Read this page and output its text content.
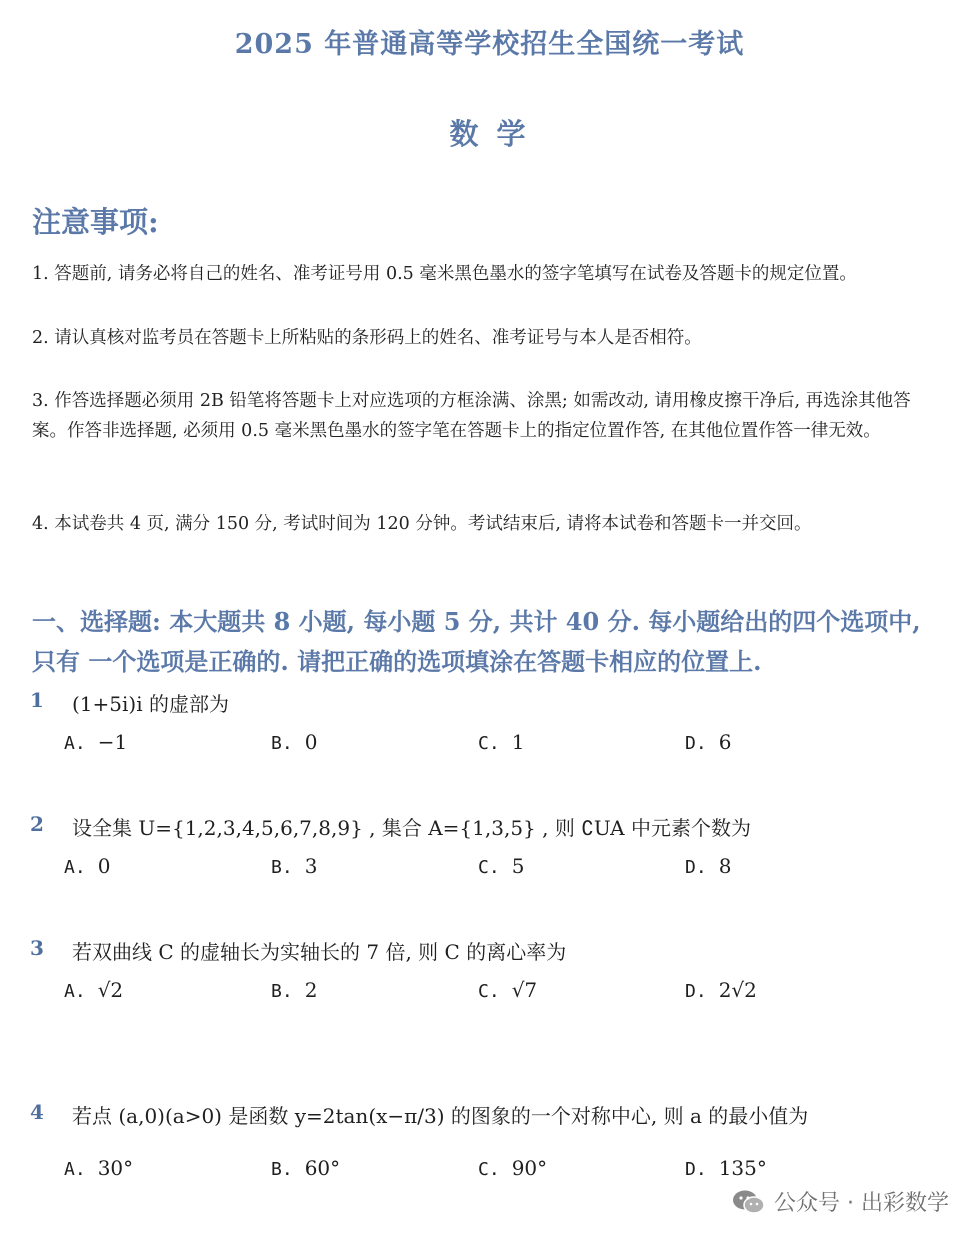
2025 年普通高等学校招生全国统一考试
数 学
注意事项:
1. 答题前, 请务必将自己的姓名、准考证号用 0.5 毫米黑色墨水的签字笔填写在试卷及答题卡的规定位置。
2. 请认真核对监考员在答题卡上所粘贴的条形码上的姓名、准考证号与本人是否相符。
3. 作答选择题必须用 2B 铅笔将答题卡上对应选项的方框涂满、涂黑; 如需改动, 请用橡皮擦干净后, 再选涂其他答案。作答非选择题, 必须用 0.5 毫米黑色墨水的签字笔在答题卡上的指定位置作答, 在其他位置作答一律无效。
4. 本试卷共 4 页, 满分 150 分, 考试时间为 120 分钟。考试结束后, 请将本试卷和答题卡一并交回。
一、选择题: 本大题共 8 小题, 每小题 5 分, 共计 40 分. 每小题给出的四个选项中, 只有 一个选项是正确的. 请把正确的选项填涂在答题卡相应的位置上.
1 (1+5i)i 的虚部为
A. −1	B. 0	C. 1	D. 6
2 设全集 U={1,2,3,4,5,6,7,8,9} , 集合 A={1,3,5} , 则 ∁UA 中元素个数为
A. 0	B. 3	C. 5	D. 8
3 若双曲线 C 的虚轴长为实轴长的 7 倍, 则 C 的离心率为
A. √2	B. 2	C. √7	D. 2√2
4 若点 (a,0)(a>0) 是函数 y=2tan(x−π/3) 的图象的一个对称中心, 则 a 的最小值为
A. 30°	B. 60°	C. 90°	D. 135°
公众号 · 出彩数学
